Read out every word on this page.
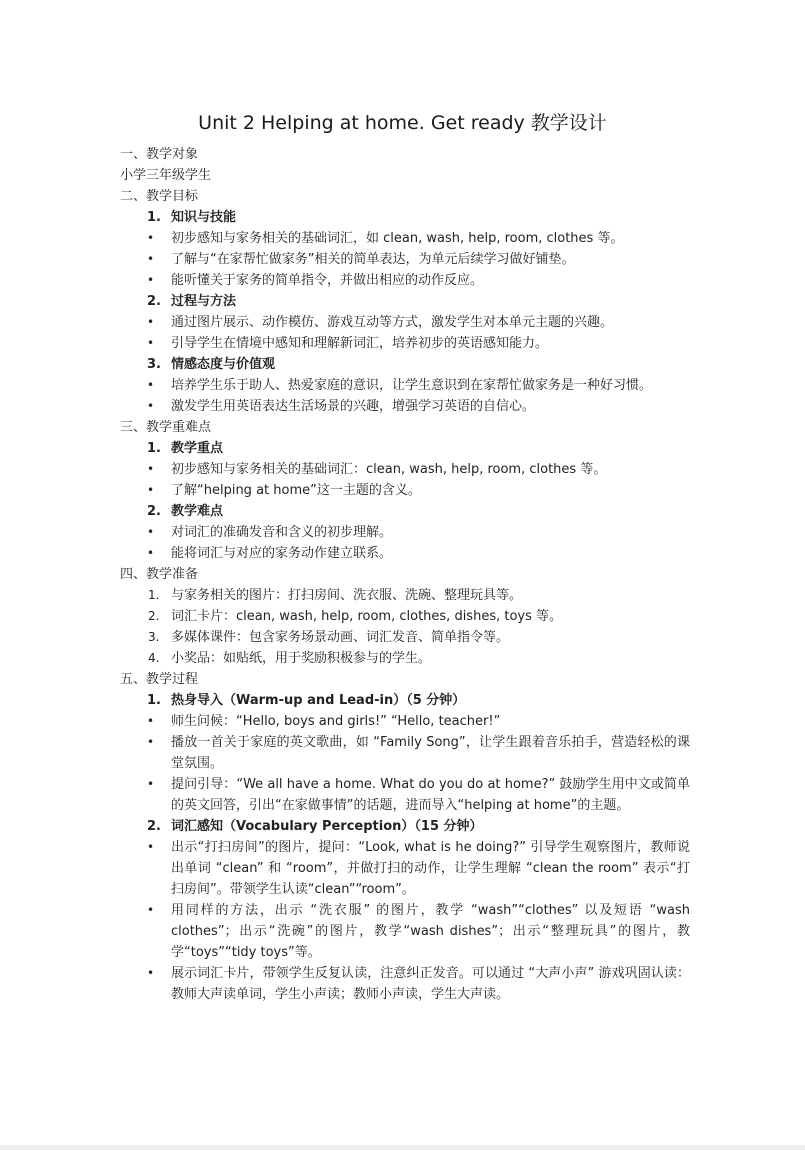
Unit 2 Helping at home. Get ready 教学设计
一、教学对象
小学三年级学生
二、教学目标
1. 知识与技能
• 初步感知与家务相关的基础词汇，如 clean, wash, help, room, clothes 等。
• 了解与“在家帮忙做家务”相关的简单表达，为单元后续学习做好铺垫。
• 能听懂关于家务的简单指令，并做出相应的动作反应。
2. 过程与方法
• 通过图片展示、动作模仿、游戏互动等方式，激发学生对本单元主题的兴趣。
• 引导学生在情境中感知和理解新词汇，培养初步的英语感知能力。
3. 情感态度与价值观
• 培养学生乐于助人、热爱家庭的意识，让学生意识到在家帮忙做家务是一种好习惯。
• 激发学生用英语表达生活场景的兴趣，增强学习英语的自信心。
三、教学重难点
1. 教学重点
• 初步感知与家务相关的基础词汇：clean, wash, help, room, clothes 等。
• 了解“helping at home”这一主题的含义。
2. 教学难点
• 对词汇的准确发音和含义的初步理解。
• 能将词汇与对应的家务动作建立联系。
四、教学准备
1. 与家务相关的图片：打扫房间、洗衣服、洗碗、整理玩具等。
2. 词汇卡片：clean, wash, help, room, clothes, dishes, toys 等。
3. 多媒体课件：包含家务场景动画、词汇发音、简单指令等。
4. 小奖品：如贴纸，用于奖励积极参与的学生。
五、教学过程
1. 热身导入（Warm-up and Lead-in）（5 分钟）
• 师生问候：“Hello, boys and girls!” “Hello, teacher!”
• 播放一首关于家庭的英文歌曲，如 “Family Song”，让学生跟着音乐拍手，营造轻松的课堂氛围。
• 提问引导：“We all have a home. What do you do at home?” 鼓励学生用中文或简单的英文回答，引出“在家做事情”的话题，进而导入“helping at home”的主题。
2. 词汇感知（Vocabulary Perception）（15 分钟）
• 出示“打扫房间”的图片，提问：“Look, what is he doing?” 引导学生观察图片，教师说出单词 “clean” 和 “room”，并做打扫的动作，让学生理解 “clean the room” 表示“打扫房间”。带领学生认读“clean”“room”。
• 用同样的方法，出示 “洗衣服” 的图片，教学 “wash”“clothes” 以及短语 “wash clothes”；出示“洗碗”的图片，教学“wash dishes”；出示“整理玩具”的图片，教学“toys”“tidy toys”等。
• 展示词汇卡片，带领学生反复认读，注意纠正发音。可以通过 “大声小声” 游戏巩固认读：教师大声读单词，学生小声读；教师小声读，学生大声读。
